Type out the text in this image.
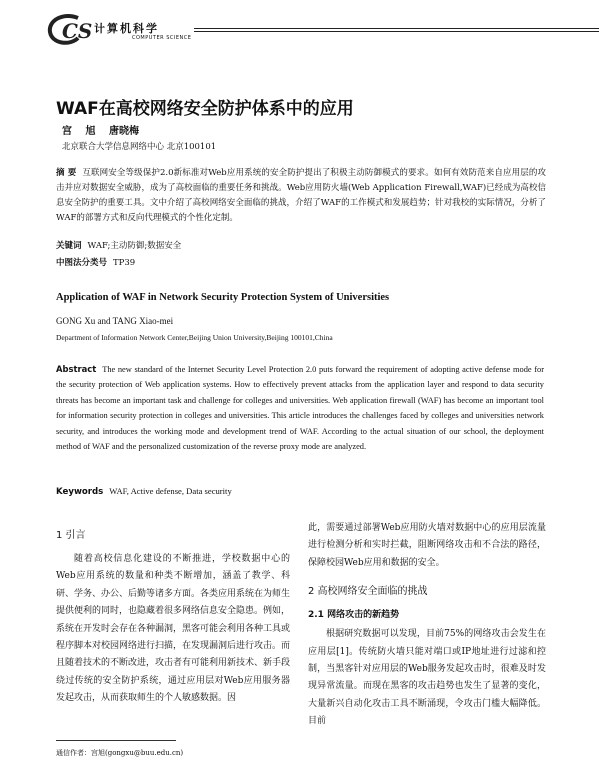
CS 计算机科学
COMPUTER SCIENCE
WAF在高校网络安全防护体系中的应用
宫 旭 唐晓梅
北京联合大学信息网络中心 北京100101
摘 要 互联网安全等级保护2.0新标准对Web应用系统的安全防护提出了积极主动防御模式的要求。如何有效防范来自应用层的攻击并应对数据安全威胁，成为了高校面临的重要任务和挑战。Web应用防火墙(Web Application Firewall,WAF)已经成为高校信息安全防护的重要工具。文中介绍了高校网络安全面临的挑战，介绍了WAF的工作模式和发展趋势；针对我校的实际情况，分析了WAF的部署方式和反向代理模式的个性化定制。
关键词 WAF;主动防御;数据安全
中图法分类号 TP39
Application of WAF in Network Security Protection System of Universities
GONG Xu and TANG Xiao-mei
Department of Information Network Center,Beijing Union University,Beijing 100101,China
Abstract The new standard of the Internet Security Level Protection 2.0 puts forward the requirement of adopting active defense mode for the security protection of Web application systems. How to effectively prevent attacks from the application layer and respond to data security threats has become an important task and challenge for colleges and universities. Web application firewall (WAF) has become an important tool for information security protection in colleges and universities. This article introduces the challenges faced by colleges and universities network security, and introduces the working mode and development trend of WAF. According to the actual situation of our school, the deployment method of WAF and the personalized customization of the reverse proxy mode are analyzed.
Keywords WAF, Active defense, Data security
1 引言

随着高校信息化建设的不断推进，学校数据中心的Web应用系统的数量和种类不断增加，涵盖了教学、科研、学务、办公、后勤等诸多方面。各类应用系统在为师生提供便利的同时，也隐藏着很多网络信息安全隐患。例如，系统在开发时会存在各种漏洞，黑客可能会利用各种工具或程序脚本对校园网络进行扫描，在发现漏洞后进行攻击。而且随着技术的不断改进，攻击者有可能利用新技术、新手段绕过传统的安全防护系统，通过应用层对Web应用服务器发起攻击，从而获取师生的个人敏感数据。因

此，需要通过部署Web应用防火墙对数据中心的应用层流量进行检测分析和实时拦截，阻断网络攻击和不合法的路径，保障校园Web应用和数据的安全。

2 高校网络安全面临的挑战
2.1 网络攻击的新趋势

根据研究数据可以发现，目前75%的网络攻击会发生在应用层[1]。传统防火墙只能对端口或IP地址进行过滤和控制，当黑客针对应用层的Web服务发起攻击时，很难及时发现异常流量。而现在黑客的攻击趋势也发生了显著的变化，大量新兴自动化攻击工具不断涌现，令攻击门槛大幅降低。目前

通信作者：宫旭(gongxu@buu.edu.cn)
